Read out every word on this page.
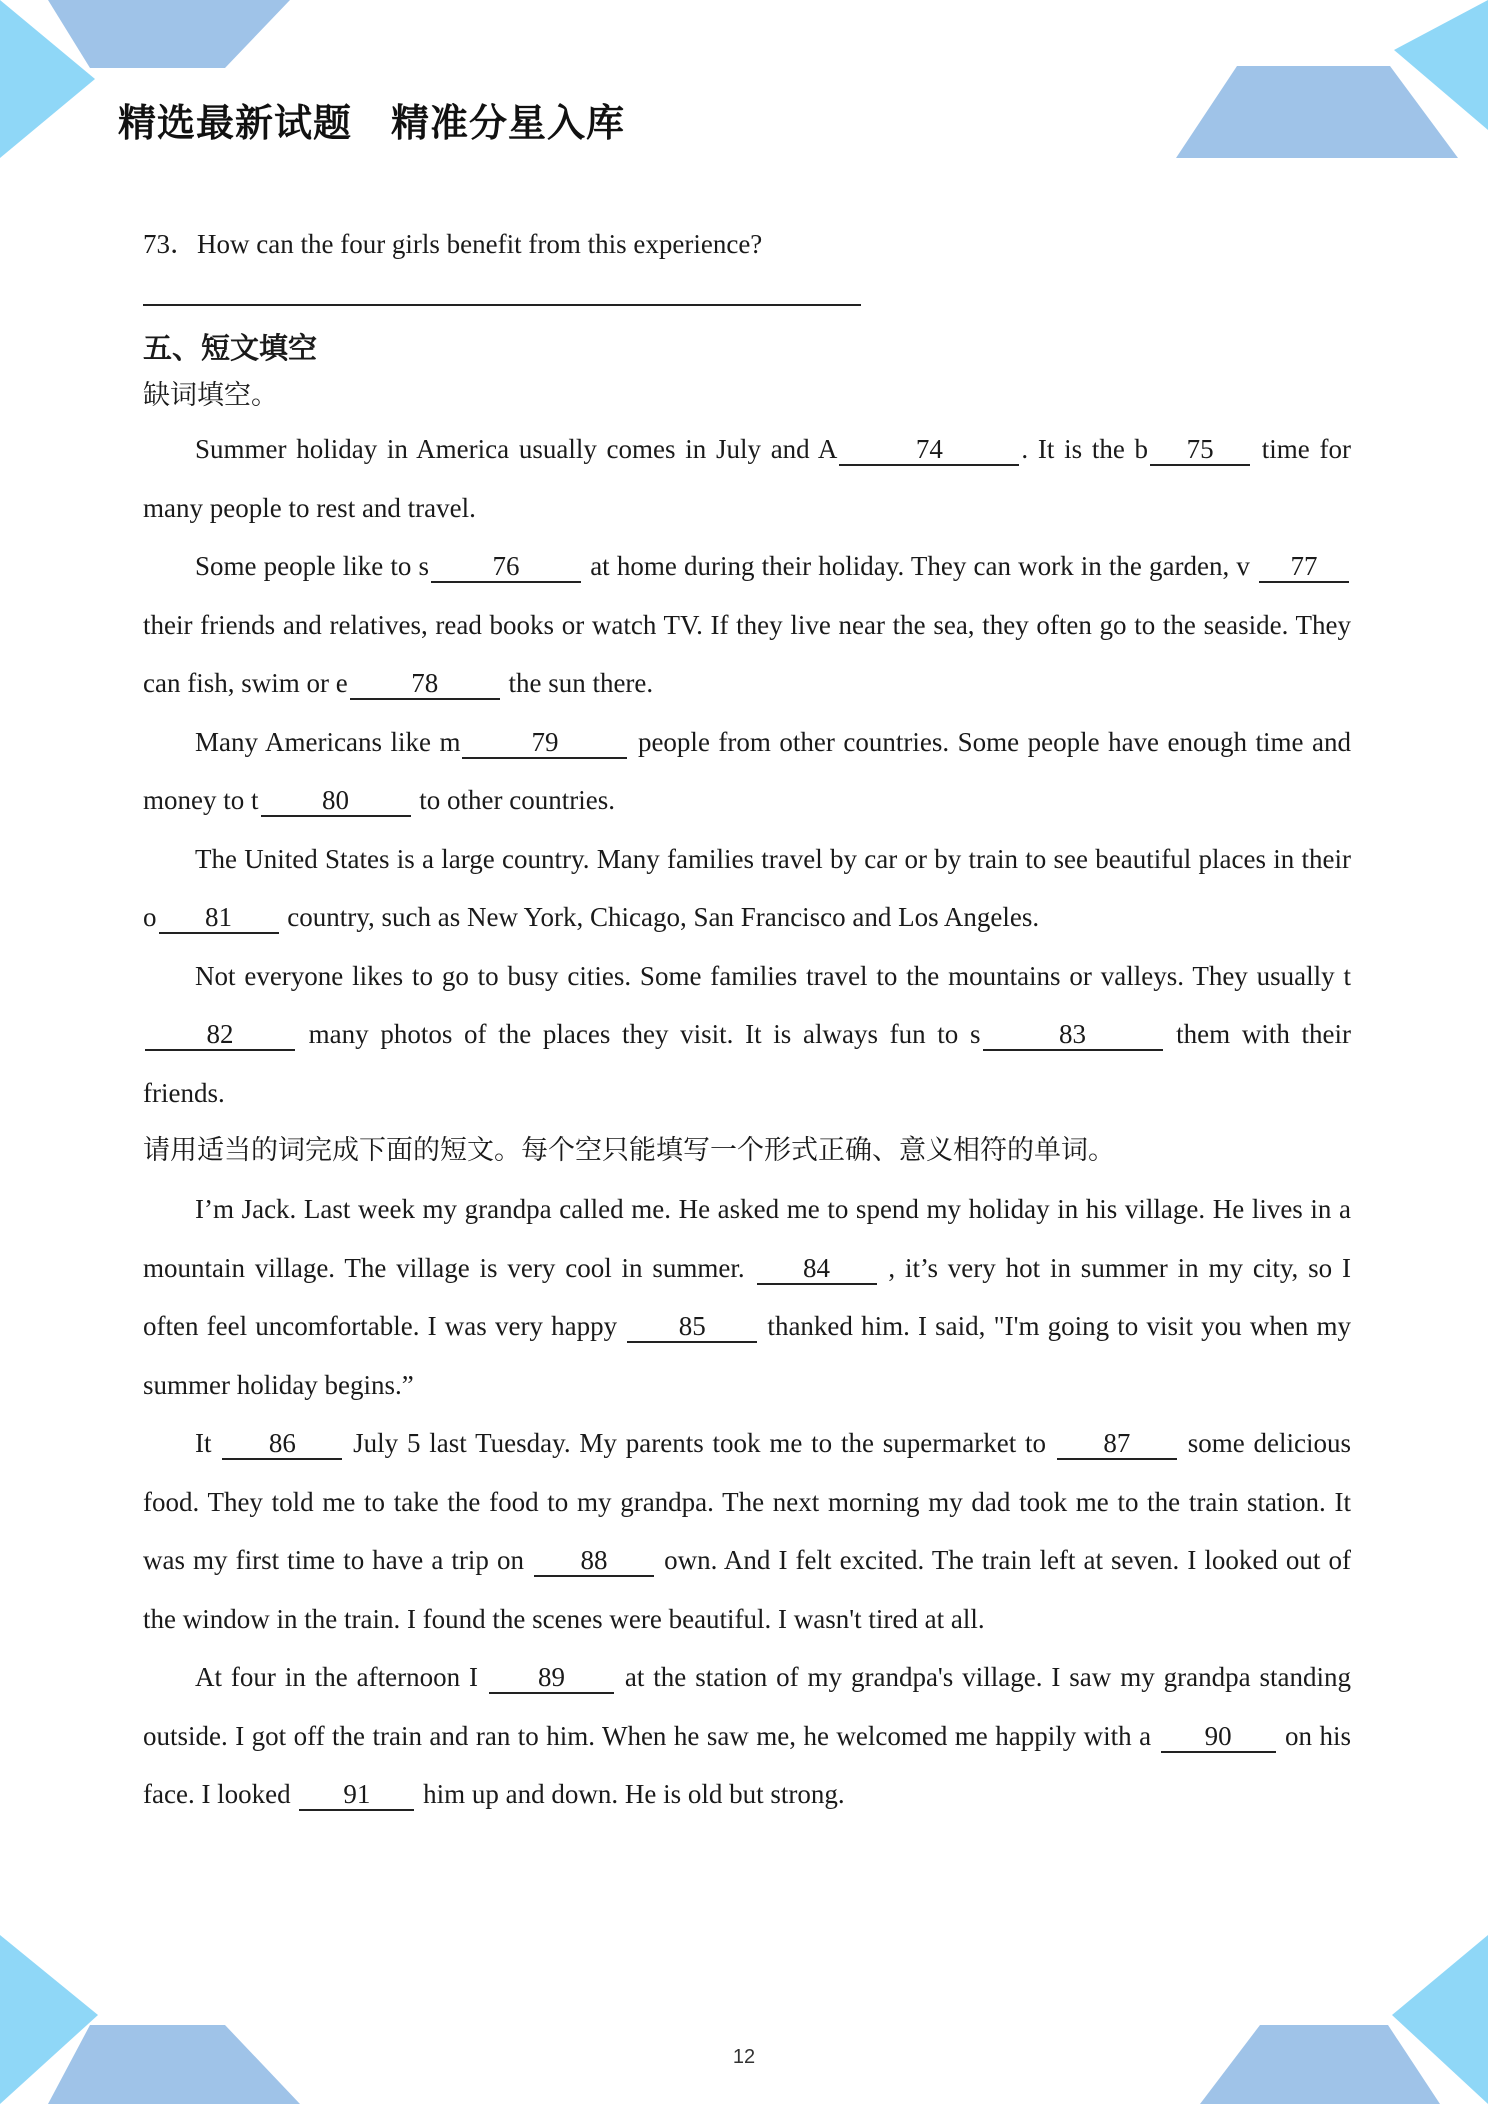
精选最新试题　精准分星入库
73．How can the four girls benefit from this experience?
五、短文填空
缺词填空。

Summer holiday in America usually comes in July and A	74	. It is the b 75 time for many people to rest and travel.

Some people like to s 76 at home during their holiday. They can work in the garden, v 77 their friends and relatives, read books or watch TV. If they live near the sea, they often go to the seaside. They can fish, swim or e 78 the sun there.

Many Americans like m	79	people from other countries. Some people have enough time and money to t 80 to other countries.

The United States is a large country. Many families travel by car or by train to see beautiful places in their o 81 country, such as New York, Chicago, San Francisco and Los Angeles.

Not everyone likes to go to busy cities. Some families travel to the mountains or valleys. They usually t82 many photos of the places they visit. It is always fun to s	83	them with their friends.

请用适当的词完成下面的短文。每个空只能填写一个形式正确、意义相符的单词。

I’m Jack. Last week my grandpa called me. He asked me to spend my holiday in his village. He lives in a mountain village. The village is very cool in summer. 84 , it’s very hot in summer in my city, so I often feel uncomfortable. I was very happy 85 thanked him. I said, "I'm going to visit you when my summer holiday begins.”

It 86 July 5 last Tuesday. My parents took me to the supermarket to 87 some delicious food. They told me to take the food to my grandpa. The next morning my dad took me to the train station. It was my first time to have a trip on 88 own. And I felt excited. The train left at seven. I looked out of the window in the train. I found the scenes were beautiful. I wasn't tired at all.

At four in the afternoon I 89 at the station of my grandpa's village. I saw my grandpa standing outside. I got off the train and ran to him. When he saw me, he welcomed me happily with a 90 on his face. I looked 91 him up and down. He is old but strong.

12
